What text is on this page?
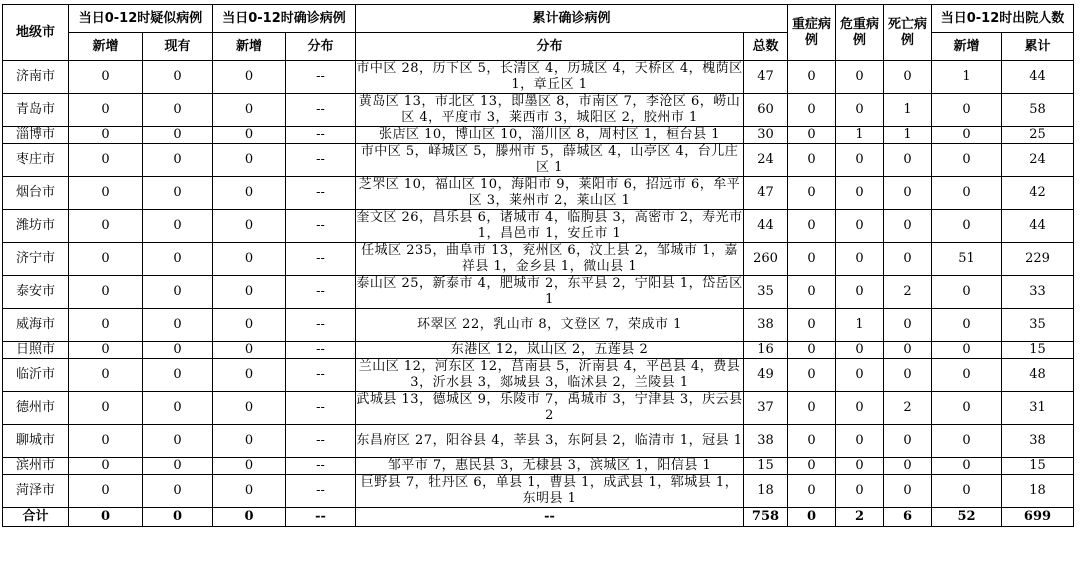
地级市	当日0-12时疑似病例		当日0-12时确诊病例		累计确诊病例		重症病例	危重病例	死亡病例	当日0-12时出院人数	
	新增	现有	新增	分布	分布	总数				新增	累计
济南市	0	0	0	--	市中区 28，历下区 5，长清区 4，历城区 4，天桥区 4，槐荫区 1，章丘区 1	47	0	0	0	1	44
青岛市	0	0	0	--	黄岛区 13，市北区 13，即墨区 8，市南区 7，李沧区 6，崂山区 4，平度市 3，莱西市 3，城阳区 2，胶州市 1	60	0	0	1	0	58
淄博市	0	0	0	--	张店区 10，博山区 10，淄川区 8，周村区 1，桓台县 1	30	0	1	1	0	25
枣庄市	0	0	0	--	市中区 5，峄城区 5，滕州市 5，薛城区 4，山亭区 4，台儿庄区 1	24	0	0	0	0	24
烟台市	0	0	0	--	芝罘区 10，福山区 10，海阳市 9，莱阳市 6，招远市 6，牟平区 3，莱州市 2，莱山区 1	47	0	0	0	0	42
潍坊市	0	0	0	--	奎文区 26，昌乐县 6，诸城市 4，临朐县 3，高密市 2，寿光市 1，昌邑市 1，安丘市 1	44	0	0	0	0	44
济宁市	0	0	0	--	任城区 235，曲阜市 13，兖州区 6，汶上县 2，邹城市 1，嘉祥县 1，金乡县 1，微山县 1	260	0	0	0	51	229
泰安市	0	0	0	--	泰山区 25，新泰市 4，肥城市 2，东平县 2，宁阳县 1，岱岳区 1	35	0	0	2	0	33
威海市	0	0	0	--	环翠区 22，乳山市 8，文登区 7，荣成市 1	38	0	1	0	0	35
日照市	0	0	0	--	东港区 12，岚山区 2，五莲县 2	16	0	0	0	0	15
临沂市	0	0	0	--	兰山区 12，河东区 12，莒南县 5，沂南县 4，平邑县 4，费县 3，沂水县 3，郯城县 3，临沭县 2，兰陵县 1	49	0	0	0	0	48
德州市	0	0	0	--	武城县 13，德城区 9，乐陵市 7，禹城市 3，宁津县 3，庆云县 2	37	0	0	2	0	31
聊城市	0	0	0	--	东昌府区 27，阳谷县 4，莘县 3，东阿县 2，临清市 1，冠县 1	38	0	0	0	0	38
滨州市	0	0	0	--	邹平市 7，惠民县 3，无棣县 3，滨城区 1，阳信县 1	15	0	0	0	0	15
菏泽市	0	0	0	--	巨野县 7，牡丹区 6，单县 1，曹县 1，成武县 1，郓城县 1，东明县 1	18	0	0	0	0	18
合计	0	0	0	--	--	758	0	2	6	52	699
